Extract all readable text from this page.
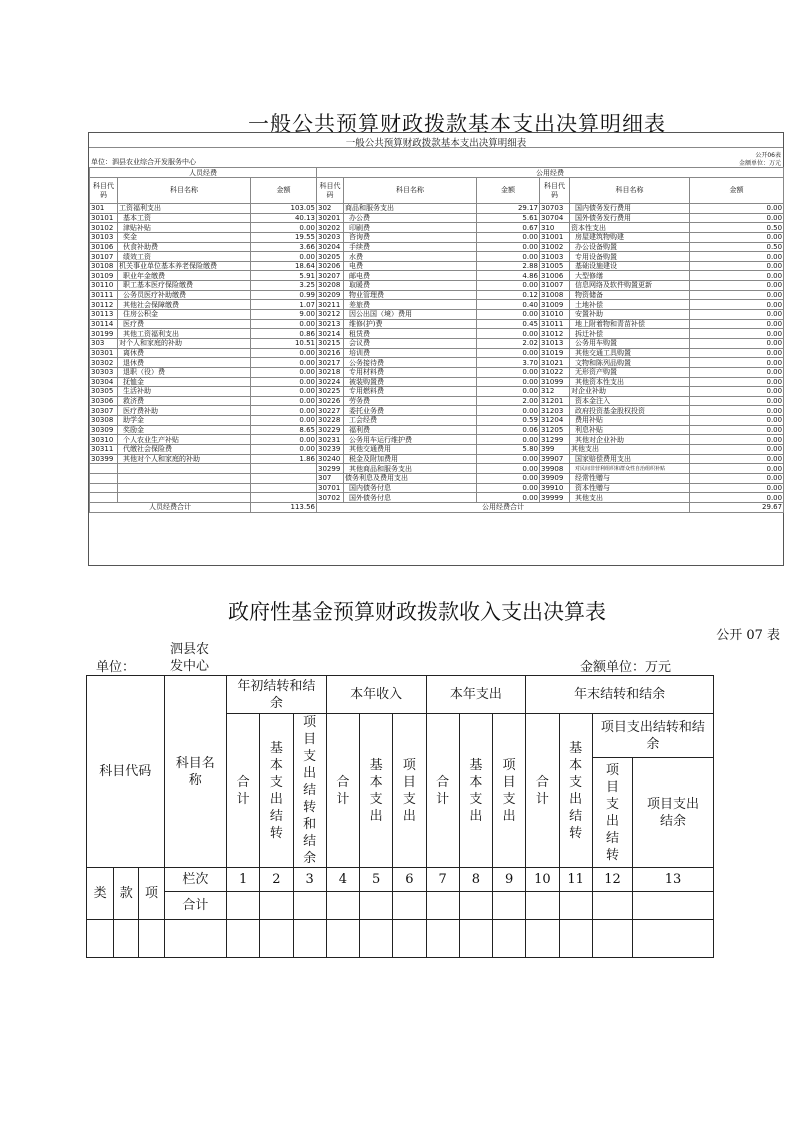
一般公共预算财政拨款基本支出决算明细表
一般公共预算财政拨款基本支出决算明细表
公开06表
单位：泗县农业综合开发服务中心	金额单位：万元
人员经费			公用经费					
科目代码	科目名称	金额	科目代码	科目名称	金额	科目代码	科目名称	金额
301	工资福利支出	103.05	302	商品和服务支出	29.17	30703	国内债务发行费用	0.00
30101	基本工资	40.13	30201	办公费	5.61	30704	国外债务发行费用	0.00
30102	津贴补贴	0.00	30202	印刷费	0.67	310	资本性支出	0.50
30103	奖金	19.55	30203	咨询费	0.00	31001	房屋建筑物购建	0.00
30106	伙食补助费	3.66	30204	手续费	0.00	31002	办公设备购置	0.50
30107	绩效工资	0.00	30205	水费	0.00	31003	专用设备购置	0.00
30108	机关事业单位基本养老保险缴费	18.64	30206	电费	2.88	31005	基础设施建设	0.00
30109	职业年金缴费	5.91	30207	邮电费	4.86	31006	大型修缮	0.00
30110	职工基本医疗保险缴费	3.25	30208	取暖费	0.00	31007	信息网络及软件购置更新	0.00
30111	公务员医疗补助缴费	0.99	30209	物业管理费	0.12	31008	物资储备	0.00
30112	其他社会保障缴费	1.07	30211	差旅费	0.40	31009	土地补偿	0.00
30113	住房公积金	9.00	30212	因公出国（境）费用	0.00	31010	安置补助	0.00
30114	医疗费	0.00	30213	维修(护)费	0.45	31011	地上附着物和青苗补偿	0.00
30199	其他工资福利支出	0.86	30214	租赁费	0.00	31012	拆迁补偿	0.00
303	对个人和家庭的补助	10.51	30215	会议费	2.02	31013	公务用车购置	0.00
30301	离休费	0.00	30216	培训费	0.00	31019	其他交通工具购置	0.00
30302	退休费	0.00	30217	公务接待费	3.70	31021	文物和陈列品购置	0.00
30303	退职（役）费	0.00	30218	专用材料费	0.00	31022	无形资产购置	0.00
30304	抚恤金	0.00	30224	被装购置费	0.00	31099	其他资本性支出	0.00
30305	生活补助	0.00	30225	专用燃料费	0.00	312	对企业补助	0.00
30306	救济费	0.00	30226	劳务费	2.00	31201	资本金注入	0.00
30307	医疗费补助	0.00	30227	委托业务费	0.00	31203	政府投资基金股权投资	0.00
30308	助学金	0.00	30228	工会经费	0.59	31204	费用补贴	0.00
30309	奖励金	8.65	30229	福利费	0.06	31205	利息补贴	0.00
30310	个人农业生产补贴	0.00	30231	公务用车运行维护费	0.00	31299	其他对企业补助	0.00
30311	代缴社会保险费	0.00	30239	其他交通费用	5.80	399	其他支出	0.00
30399	其他对个人和家庭的补助	1.86	30240	税金及附加费用	0.00	39907	国家赔偿费用支出	0.00
			30299	其他商品和服务支出	0.00	39908	对民间非营利组织和群众性自治组织补贴	0.00
			307	债务利息及费用支出	0.00	39909	经常性赠与	0.00
			30701	国内债务付息	0.00	39910	资本性赠与	0.00
			30702	国外债务付息	0.00	39999	其他支出	0.00
人员经费合计		113.56	公用经费合计					29.67
政府性基金预算财政拨款收入支出决算表
公开 07 表
单位：
泗县农发中心	金额单位：万元
科目代码			科目名称	年初结转和结余			本年收入			本年支出			年末结转和结余			
				合计	基本支出结转	项目支出结转和结余	合计	基本支出	项目支出	合计	基本支出	项目支出	合计	基本支出结转	项目支出结转和结余	
															项目支出结转	项目支出结余
类	款	项	栏次	1	2	3	4	5	6	7	8	9	10	11	12	13
			合计													
